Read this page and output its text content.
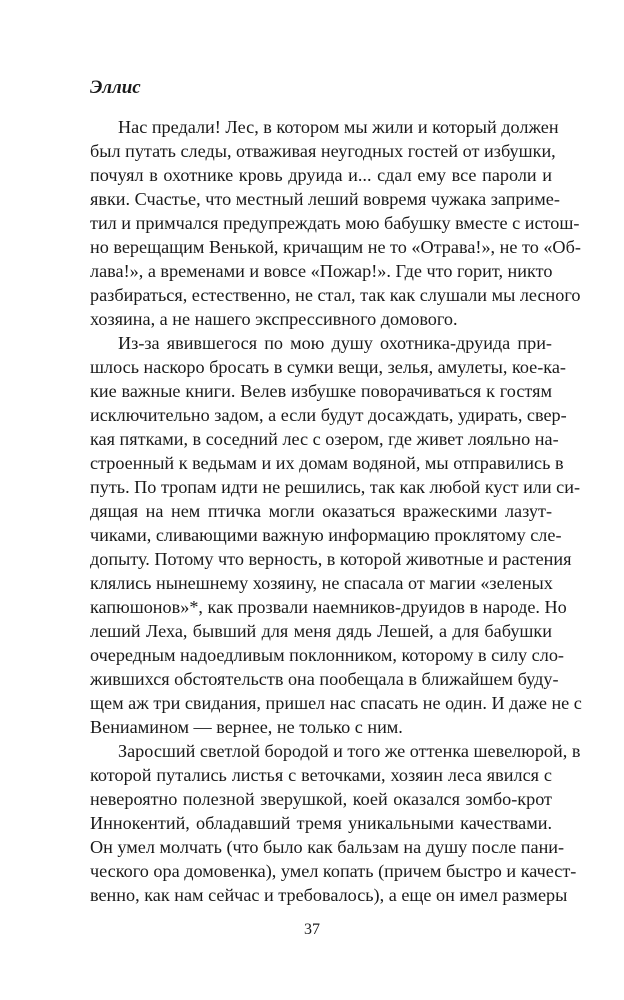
Эллис
Нас предали! Лес, в котором мы жили и который должен
был путать следы, отваживая неугодных гостей от избушки,
почуял в охотнике кровь друида и... сдал ему все пароли и
явки. Счастье, что местный леший вовремя чужака заприме-
тил и примчался предупреждать мою бабушку вместе с истош-
но верещащим Венькой, кричащим не то «Отрава!», не то «Об-
лава!», а временами и вовсе «Пожар!». Где что горит, никто
разбираться, естественно, не стал, так как слушали мы лесного
хозяина, а не нашего экспрессивного домового.
Из-за явившегося по мою душу охотника-друида при-
шлось наскоро бросать в сумки вещи, зелья, амулеты, кое-ка-
кие важные книги. Велев избушке поворачиваться к гостям
исключительно задом, а если будут досаждать, удирать, свер-
кая пятками, в соседний лес с озером, где живет лояльно на-
строенный к ведьмам и их домам водяной, мы отправились в
путь. По тропам идти не решились, так как любой куст или си-
дящая на нем птичка могли оказаться вражескими лазут-
чиками, сливающими важную информацию проклятому сле-
допыту. Потому что верность, в которой животные и растения
клялись нынешнему хозяину, не спасала от магии «зеленых
капюшонов»*, как прозвали наемников-друидов в народе. Но
леший Леха, бывший для меня дядь Лешей, а для бабушки
очередным надоедливым поклонником, которому в силу сло-
жившихся обстоятельств она пообещала в ближайшем буду-
щем аж три свидания, пришел нас спасать не один. И даже не с
Вениамином — вернее, не только с ним.
Заросший светлой бородой и того же оттенка шевелюрой, в
которой путались листья с веточками, хозяин леса явился с
невероятно полезной зверушкой, коей оказался зомбо-крот
Иннокентий, обладавший тремя уникальными качествами.
Он умел молчать (что было как бальзам на душу после пани-
ческого ора домовенка), умел копать (причем быстро и качест-
венно, как нам сейчас и требовалось), а еще он имел размеры
37
